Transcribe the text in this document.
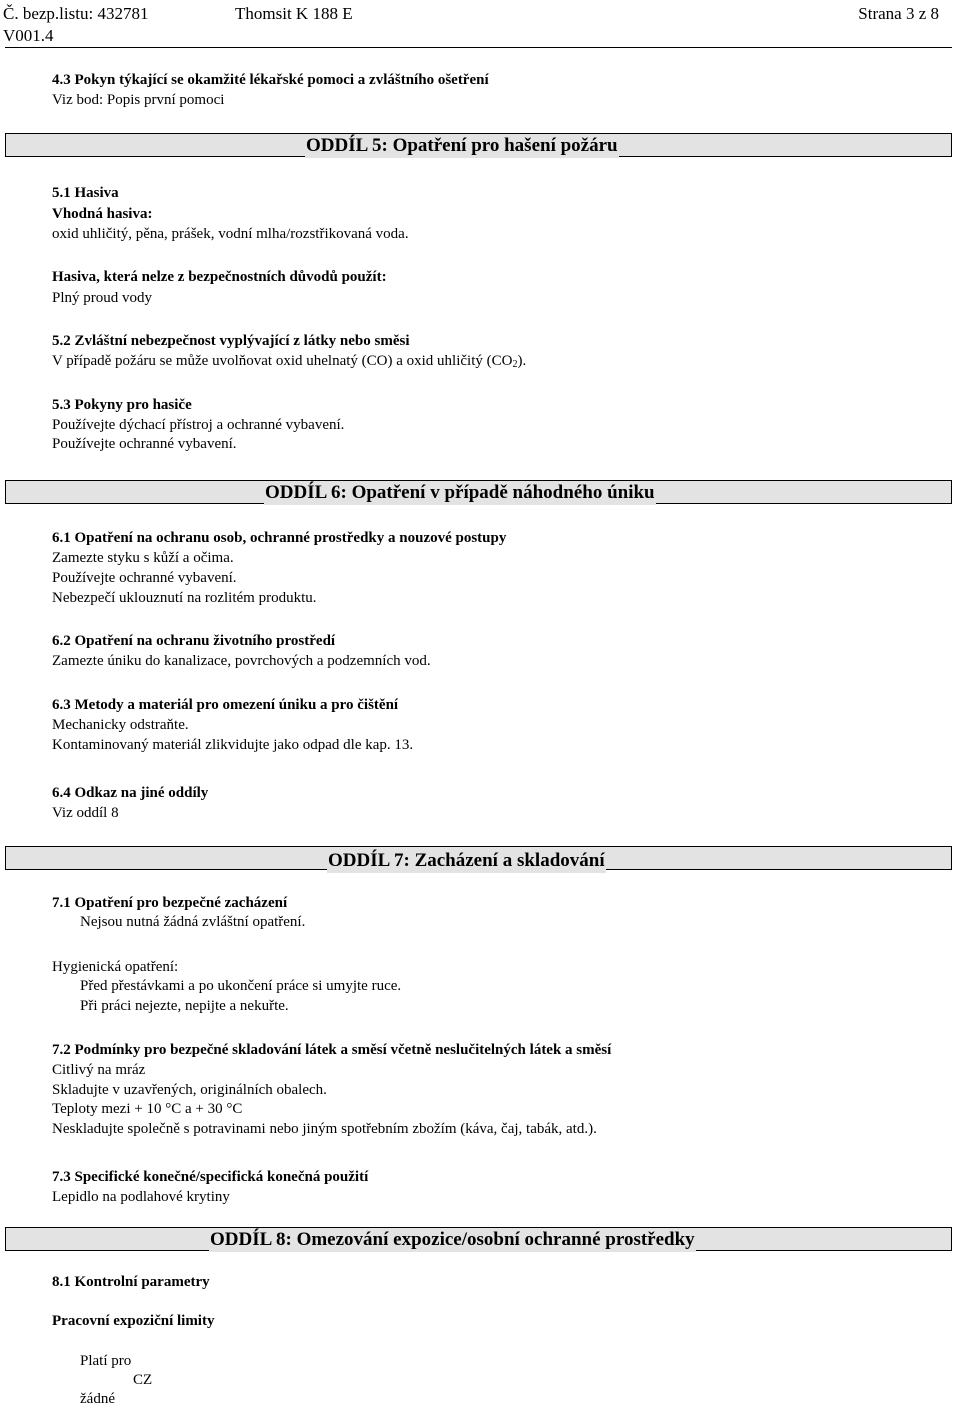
Č. bezp.listu: 432781	Thomsit K 188 E	Strana 3 z 8
V001.4
4.3 Pokyn týkající se okamžité lékařské pomoci a zvláštního ošetření
Viz bod: Popis první pomoci
ODDÍL 5: Opatření pro hašení požáru
5.1 Hasiva
Vhodná hasiva:
oxid uhličitý, pěna, prášek, vodní mlha/rozstřikovaná voda.
Hasiva, která nelze z bezpečnostních důvodů použít:
Plný proud vody
5.2 Zvláštní nebezpečnost vyplývající z látky nebo směsi
V případě požáru se může uvolňovat oxid uhelnatý (CO) a oxid uhličitý (CO2).
5.3 Pokyny pro hasiče
Používejte dýchací přístroj a ochranné vybavení.
Používejte ochranné vybavení.
ODDÍL 6: Opatření v případě náhodného úniku
6.1 Opatření na ochranu osob, ochranné prostředky a nouzové postupy
Zamezte styku s kůží a očima.
Používejte ochranné vybavení.
Nebezpečí uklouznutí na rozlitém produktu.
6.2 Opatření na ochranu životního prostředí
Zamezte úniku do kanalizace, povrchových a podzemních vod.
6.3 Metody a materiál pro omezení úniku a pro čištění
Mechanicky odstraňte.
Kontaminovaný materiál zlikvidujte jako odpad dle kap. 13.
6.4 Odkaz na jiné oddíly
Viz oddíl 8
ODDÍL 7: Zacházení a skladování
7.1 Opatření pro bezpečné zacházení
Nejsou nutná žádná zvláštní opatření.
Hygienická opatření:
Před přestávkami a po ukončení práce si umyjte ruce.
Při práci nejezte, nepijte a nekuřte.
7.2 Podmínky pro bezpečné skladování látek a směsí včetně neslučitelných látek a směsí
Citlivý na mráz
Skladujte v uzavřených, originálních obalech.
Teploty mezi + 10 °C a + 30 °C
Neskladujte společně s potravinami nebo jiným spotřebním zbožím (káva, čaj, tabák, atd.).
7.3 Specifické konečné/specifická konečná použití
Lepidlo na podlahové krytiny
ODDÍL 8: Omezování expozice/osobní ochranné prostředky
8.1 Kontrolní parametry
Pracovní expoziční limity
Platí pro
CZ
žádné
